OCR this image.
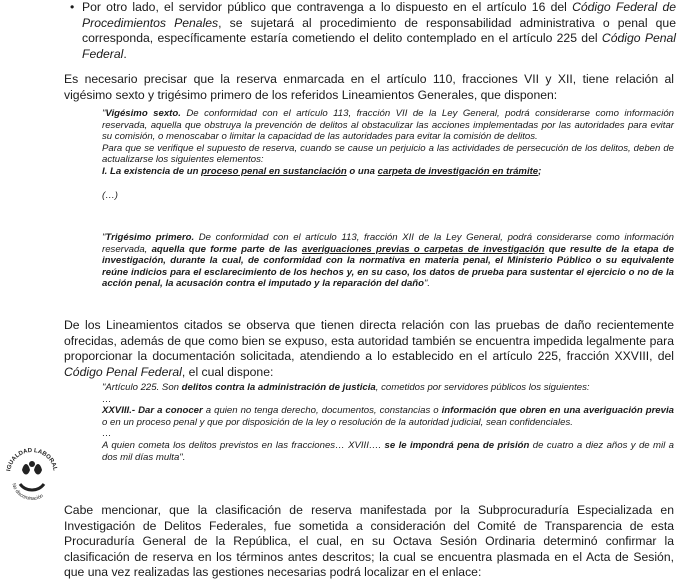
• Por otro lado, el servidor público que contravenga a lo dispuesto en el artículo 16 del Código Federal de Procedimientos Penales, se sujetará al procedimiento de responsabilidad administrativa o penal que corresponda, específicamente estaría cometiendo el delito contemplado en el artículo 225 del Código Penal Federal.
Es necesario precisar que la reserva enmarcada en el artículo 110, fracciones VII y XII, tiene relación al vigésimo sexto y trigésimo primero de los referidos Lineamientos Generales, que disponen:
"Vigésimo sexto. De conformidad con el artículo 113, fracción VII de la Ley General, podrá considerarse como información reservada, aquella que obstruya la prevención de delitos al obstaculizar las acciones implementadas por las autoridades para evitar su comisión, o menoscabar o limitar la capacidad de las autoridades para evitar la comisión de delitos.
Para que se verifique el supuesto de reserva, cuando se cause un perjuicio a las actividades de persecución de los delitos, deben de actualizarse los siguientes elementos:
I. La existencia de un proceso penal en sustanciación o una carpeta de investigación en trámite;
(…)
"Trigésimo primero. De conformidad con el artículo 113, fracción XII de la Ley General, podrá considerarse como información reservada, aquella que forme parte de las averiguaciones previas o carpetas de investigación que resulte de la etapa de investigación, durante la cual, de conformidad con la normativa en materia penal, el Ministerio Público o su equivalente reúne indicios para el esclarecimiento de los hechos y, en su caso, los datos de prueba para sustentar el ejercicio o no de la acción penal, la acusación contra el imputado y la reparación del daño".
De los Lineamientos citados se observa que tienen directa relación con las pruebas de daño recientemente ofrecidas, además de que como bien se expuso, esta autoridad también se encuentra impedida legalmente para proporcionar la documentación solicitada, atendiendo a lo establecido en el artículo 225, fracción XXVIII, del Código Penal Federal, el cual dispone:
"Artículo 225. Son delitos contra la administración de justicia, cometidos por servidores públicos los siguientes:
…
XXVIII.- Dar a conocer a quien no tenga derecho, documentos, constancias o información que obren en una averiguación previa o en un proceso penal y que por disposición de la ley o resolución de la autoridad judicial, sean confidenciales.
…
A quien cometa los delitos previstos en las fracciones… XVIII…. se le impondrá pena de prisión de cuatro a diez años y de mil a dos mil días multa".
Cabe mencionar, que la clasificación de reserva manifestada por la Subprocuraduría Especializada en Investigación de Delitos Federales, fue sometida a consideración del Comité de Transparencia de esta Procuraduría General de la República, el cual, en su Octava Sesión Ordinaria determinó confirmar la clasificación de reserva en los términos antes descritos; la cual se encuentra plasmada en el Acta de Sesión, que una vez realizadas las gestiones necesarias podrá localizar en el enlace:
IGUALDAD LABORAL
No discriminación
